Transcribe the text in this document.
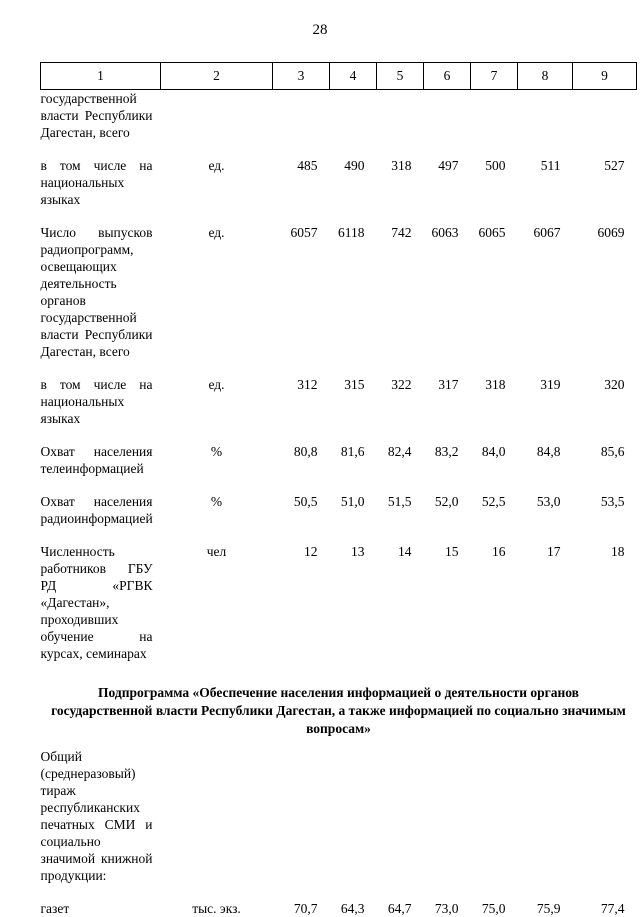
28
1	2	3	4	5	6	7	8	9
государственной власти Республики Дагестан, всего								

в том числе на национальных языках	ед.	485	490	318	497	500	511	527

Число выпусков радиопрограмм, освещающих деятельность органов государственной власти Республики Дагестан, всего	ед.	6057	6118	742	6063	6065	6067	6069

в том числе на национальных языках	ед.	312	315	322	317	318	319	320

Охват населения телеинформацией	%	80,8	81,6	82,4	83,2	84,0	84,8	85,6

Охват населения радиоинформацией	%	50,5	51,0	51,5	52,0	52,5	53,0	53,5

Численность работников ГБУ РД «РГВК «Дагестан», проходивших обучение на курсах, семинарах	чел	12	13	14	15	16	17	18

Подпрограмма «Обеспечение населения информацией о деятельности органов государственной власти Республики Дагестан, а также информацией по социально значимым вопросам»								
Общий (среднеразовый) тираж республиканских печатных СМИ и социально значимой книжной продукции:								

газет	тыс. экз.	70,7	64,3	64,7	73,0	75,0	75,9	77,4
